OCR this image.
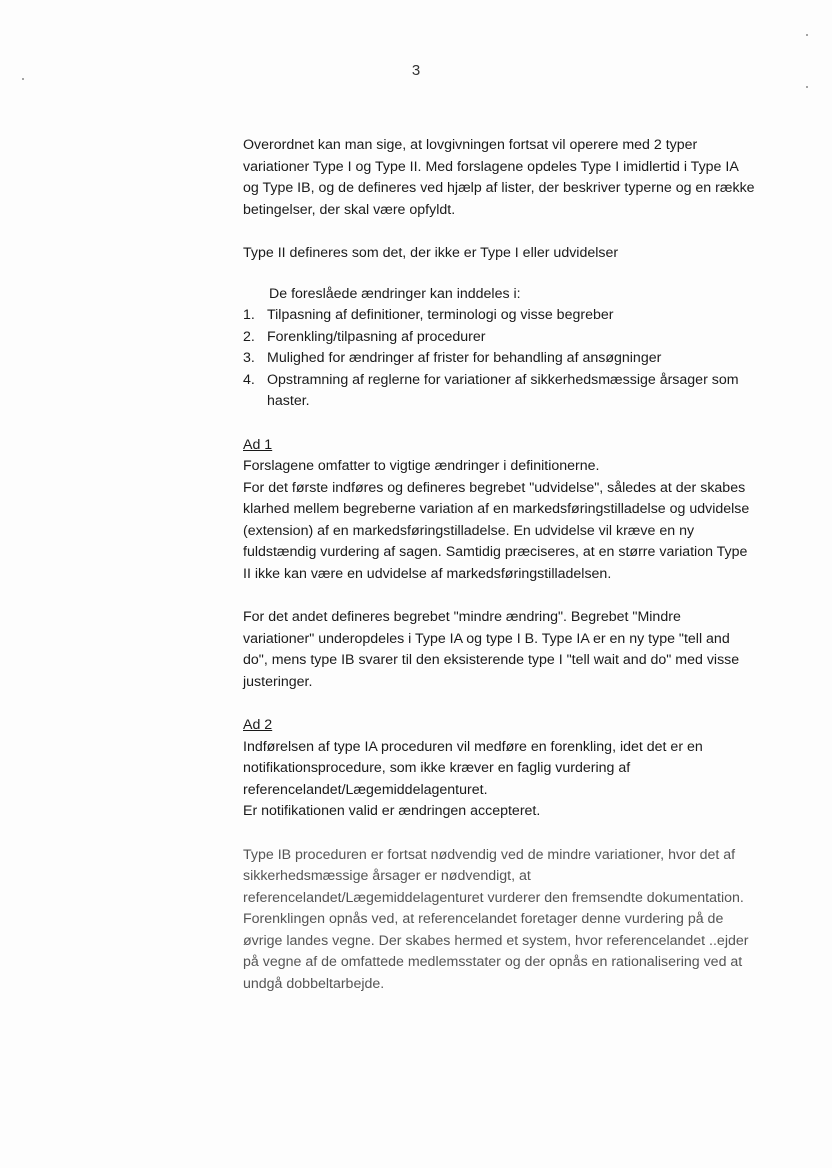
3

Overordnet kan man sige, at lovgivningen fortsat vil operere med 2 typer variationer Type I og Type II. Med forslagene opdeles Type I imidlertid i Type IA og Type IB, og de defineres ved hjælp af lister, der beskriver typerne og en række betingelser, der skal være opfyldt.

Type II defineres som det, der ikke er Type I eller udvidelser

De foreslåede ændringer kan inddeles i:

1. Tilpasning af definitioner, terminologi og visse begreber
2. Forenkling/tilpasning af procedurer
3. Mulighed for ændringer af frister for behandling af ansøgninger
4. Opstramning af reglerne for variationer af sikkerhedsmæssige årsager som haster.

Ad 1

Forslagene omfatter to vigtige ændringer i definitionerne.

For det første indføres og defineres begrebet "udvidelse", således at der skabes klarhed mellem begreberne variation af en markedsføringstilladelse og udvidelse (extension) af en markedsføringstilladelse. En udvidelse vil kræve en ny fuldstændig vurdering af sagen. Samtidig præciseres, at en større variation Type II ikke kan være en udvidelse af markedsføringstilladelsen.

For det andet defineres begrebet "mindre ændring". Begrebet "Mindre variationer" underopdeles i Type IA og type I B. Type IA er en ny type "tell and do", mens type IB svarer til den eksisterende type I "tell wait and do" med visse justeringer.

Ad 2

Indførelsen af type IA proceduren vil medføre en forenkling, idet det er en notifikationsprocedure, som ikke kræver en faglig vurdering af referencelandet/Lægemiddelagenturet.

Er notifikationen valid er ændringen accepteret.

Type IB proceduren er fortsat nødvendig ved de mindre variationer, hvor det af sikkerhedsmæssige årsager er nødvendigt, at referencelandet/Lægemiddelagenturet vurderer den fremsendte dokumentation. Forenklingen opnås ved, at referencelandet foretager denne vurdering på de øvrige landes vegne. Der skabes hermed et system, hvor referencelandet ..ejder på vegne af de omfattede medlemsstater og der opnås en rationalisering ved at undgå dobbeltarbejde.
